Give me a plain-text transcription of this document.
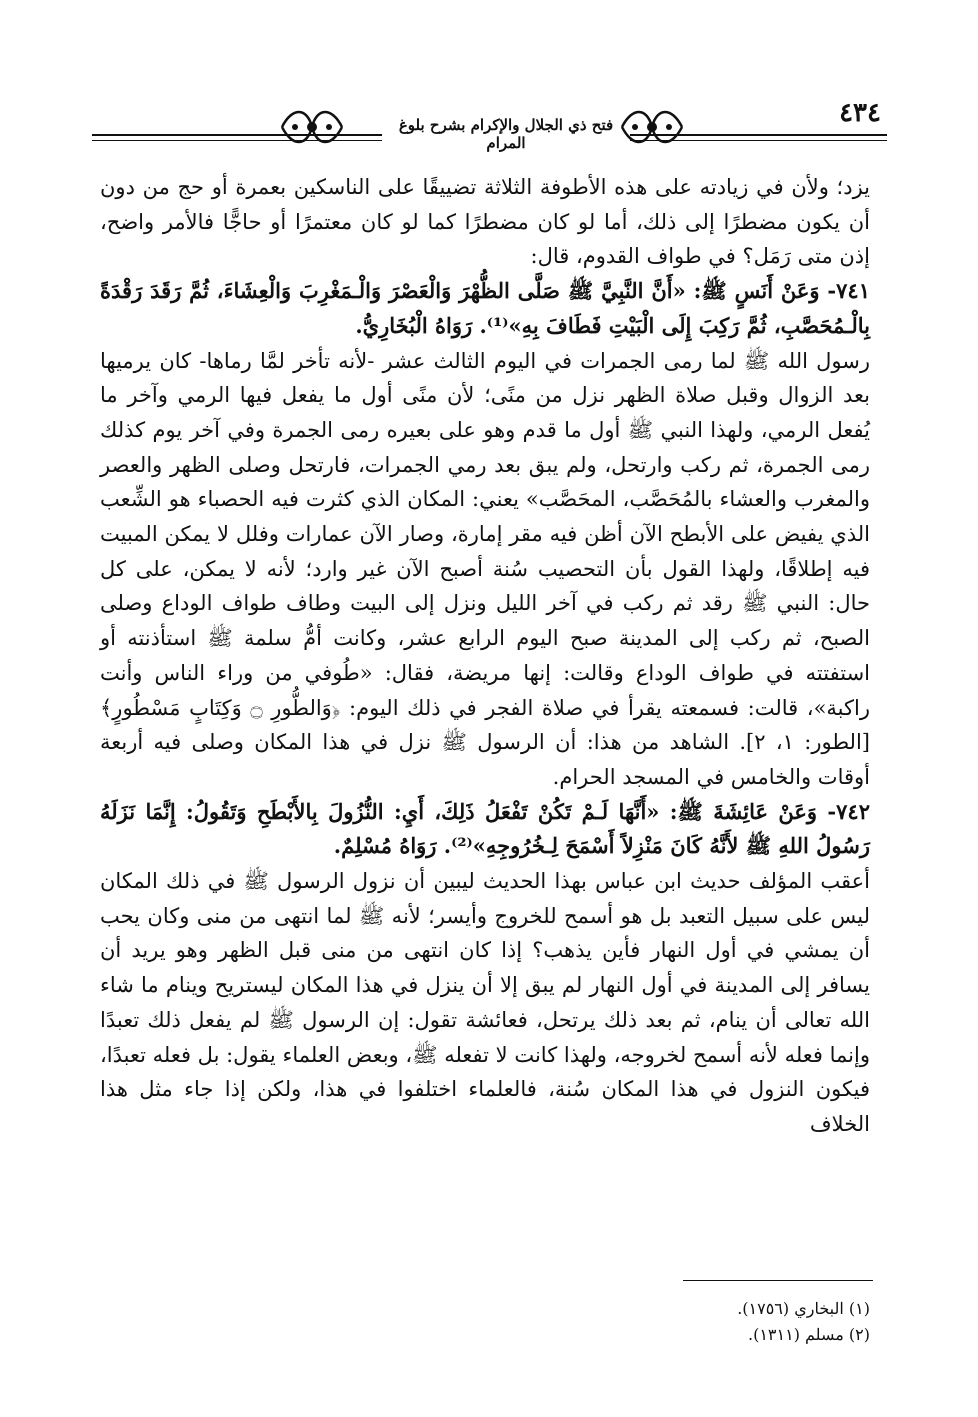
٤٣٤
فتح ذي الجلال والإكرام بشرح بلوغ المرام

يزد؛ ولأن في زيادته على هذه الأطوفة الثلاثة تضييقًا على الناسكين بعمرة أو حج من دون أن يكون مضطرًا إلى ذلك، أما لو كان مضطرًا كما لو كان معتمرًا أو حاجًّا فالأمر واضح، إذن متى رَمَل؟ في طواف القدوم، قال:

٧٤١- وَعَنْ أَنَسٍ ﷺ: «أَنَّ النَّبِيَّ ﷺ صَلَّى الظُّهْرَ وَالْعَصْرَ وَالْـمَغْرِبَ وَالْعِشَاءَ، ثُمَّ رَقَدَ رَقْدَةً بِالْـمُحَصَّبِ، ثُمَّ رَكِبَ إِلَى الْبَيْتِ فَطَافَ بِهِ»⁽¹⁾. رَوَاهُ الْبُخَارِيُّ.

رسول الله ﷺ لما رمى الجمرات في اليوم الثالث عشر -لأنه تأخر لمَّا رماها- كان يرميها بعد الزوال وقبل صلاة الظهر نزل من منًى؛ لأن منًى أول ما يفعل فيها الرمي وآخر ما يُفعل الرمي، ولهذا النبي ﷺ أول ما قدم وهو على بعيره رمى الجمرة وفي آخر يوم كذلك رمى الجمرة، ثم ركب وارتحل، ولم يبق بعد رمي الجمرات، فارتحل وصلى الظهر والعصر والمغرب والعشاء بالمُحَصَّب، المحَصَّب» يعني: المكان الذي كثرت فيه الحصباء هو الشِّعب الذي يفيض على الأبطح الآن أظن فيه مقر إمارة، وصار الآن عمارات وفلل لا يمكن المبيت فيه إطلاقًا، ولهذا القول بأن التحصيب سُنة أصبح الآن غير وارد؛ لأنه لا يمكن، على كل حال: النبي ﷺ رقد ثم ركب في آخر الليل ونزل إلى البيت وطاف طواف الوداع وصلى الصبح، ثم ركب إلى المدينة صبح اليوم الرابع عشر، وكانت أمُّ سلمة ﷺ استأذنته أو استفتته في طواف الوداع وقالت: إنها مريضة، فقال: «طُوفي من وراء الناس وأنت راكبة»، قالت: فسمعته يقرأ في صلاة الفجر في ذلك اليوم: ﴿وَالطُّورِ ۝ وَكِتَابٍ مَسْطُورٍ﴾ [الطور: ١، ٢]. الشاهد من هذا: أن الرسول ﷺ نزل في هذا المكان وصلى فيه أربعة أوقات والخامس في المسجد الحرام.

٧٤٢- وَعَنْ عَائِشَةَ ﷺ: «أَنَّهَا لَـمْ تَكُنْ تَفْعَلُ ذَلِكَ، أَيِ: النُّزُولَ بِالأَبْطَحِ وَتَقُولُ: إِنَّمَا نَزَلَهُ رَسُولُ اللهِ ﷺ لأَنَّهُ كَانَ مَنْزِلاً أَسْمَحَ لِـخُرُوجِهِ»⁽²⁾. رَوَاهُ مُسْلِمٌ.

أعقب المؤلف حديث ابن عباس بهذا الحديث ليبين أن نزول الرسول ﷺ في ذلك المكان ليس على سبيل التعبد بل هو أسمح للخروج وأيسر؛ لأنه ﷺ لما انتهى من منى وكان يحب أن يمشي في أول النهار فأين يذهب؟ إذا كان انتهى من منى قبل الظهر وهو يريد أن يسافر إلى المدينة في أول النهار لم يبق إلا أن ينزل في هذا المكان ليستريح وينام ما شاء الله تعالى أن ينام، ثم بعد ذلك يرتحل، فعائشة تقول: إن الرسول ﷺ لم يفعل ذلك تعبدًا وإنما فعله لأنه أسمح لخروجه، ولهذا كانت لا تفعله ﷺ، وبعض العلماء يقول: بل فعله تعبدًا، فيكون النزول في هذا المكان سُنة، فالعلماء اختلفوا في هذا، ولكن إذا جاء مثل هذا الخلاف

(١) البخاري (١٧٥٦).
(٢) مسلم (١٣١١).
